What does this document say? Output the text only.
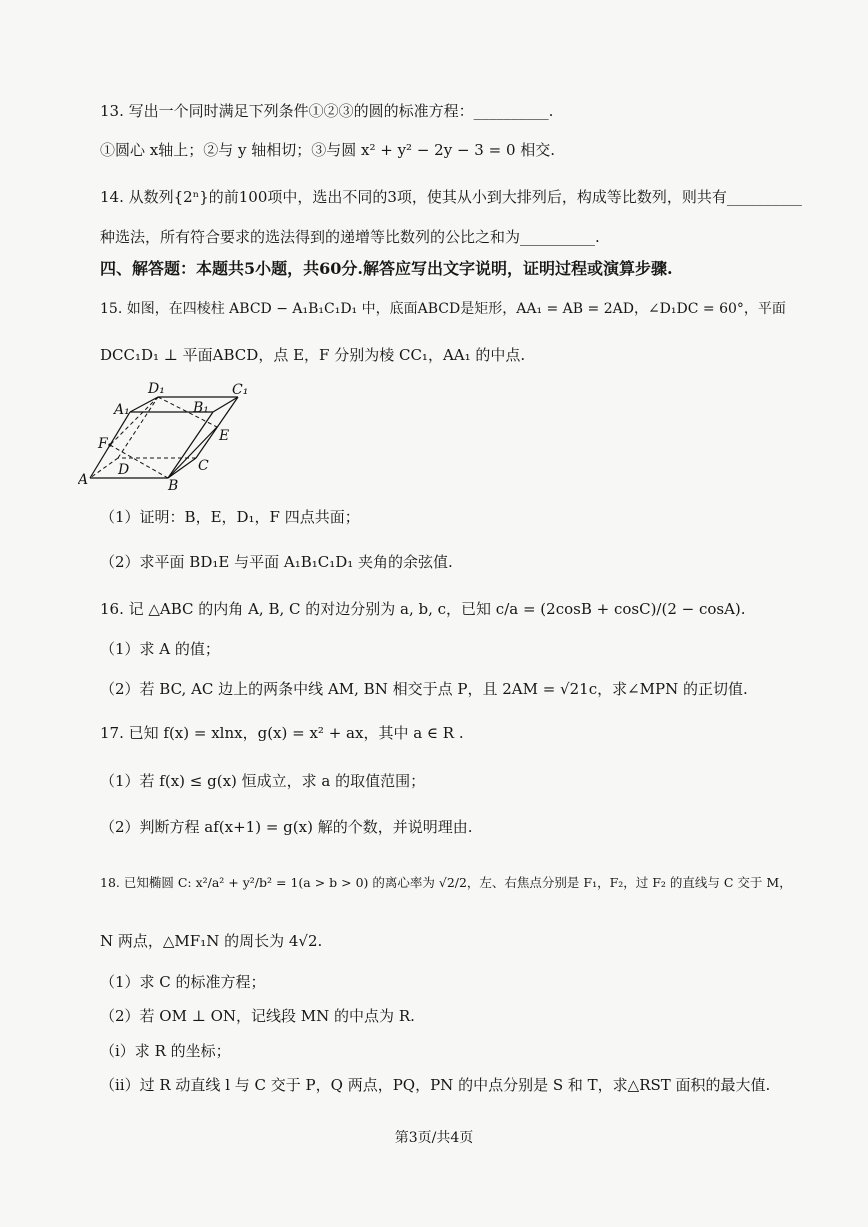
13. 写出一个同时满足下列条件①②③的圆的标准方程：__________.
①圆心 x轴上；②与 y 轴相切；③与圆 x² + y² − 2y − 3 = 0 相交.
14. 从数列{2ⁿ}的前100项中，选出不同的3项，使其从小到大排列后，构成等比数列，则共有__________
种选法，所有符合要求的选法得到的递增等比数列的公比之和为__________.
四、解答题：本题共5小题，共60分.解答应写出文字说明，证明过程或演算步骤.
15. 如图，在四棱柱 ABCD − A₁B₁C₁D₁ 中，底面ABCD是矩形，AA₁ = AB = 2AD，∠D₁DC = 60°，平面
DCC₁D₁ ⊥ 平面ABCD，点 E，F 分别为棱 CC₁，AA₁ 的中点.
A	B
C
D
A₁	B₁
C₁
D₁
E
F
（1）证明：B，E，D₁，F 四点共面；
（2）求平面 BD₁E 与平面 A₁B₁C₁D₁ 夹角的余弦值.
16. 记 △ABC 的内角 A, B, C 的对边分别为 a, b, c，已知 c/a = (2cosB + cosC)/(2 − cosA).
（1）求 A 的值；
（2）若 BC, AC 边上的两条中线 AM, BN 相交于点 P，且 2AM = √21c，求∠MPN 的正切值.
17. 已知 f(x) = xlnx，g(x) = x² + ax，其中 a ∈ R .
（1）若 f(x) ≤ g(x) 恒成立，求 a 的取值范围；
（2）判断方程 af(x+1) = g(x) 解的个数，并说明理由.
18. 已知椭圆 C: x²/a² + y²/b² = 1(a > b > 0) 的离心率为 √2/2，左、右焦点分别是 F₁，F₂，过 F₂ 的直线与 C 交于 M，
N 两点，△MF₁N 的周长为 4√2.
（1）求 C 的标准方程；
（2）若 OM ⊥ ON，记线段 MN 的中点为 R.
（ⅰ）求 R 的坐标；
（ⅱ）过 R 动直线 l 与 C 交于 P，Q 两点，PQ，PN 的中点分别是 S 和 T，求△RST 面积的最大值.
第3页/共4页
